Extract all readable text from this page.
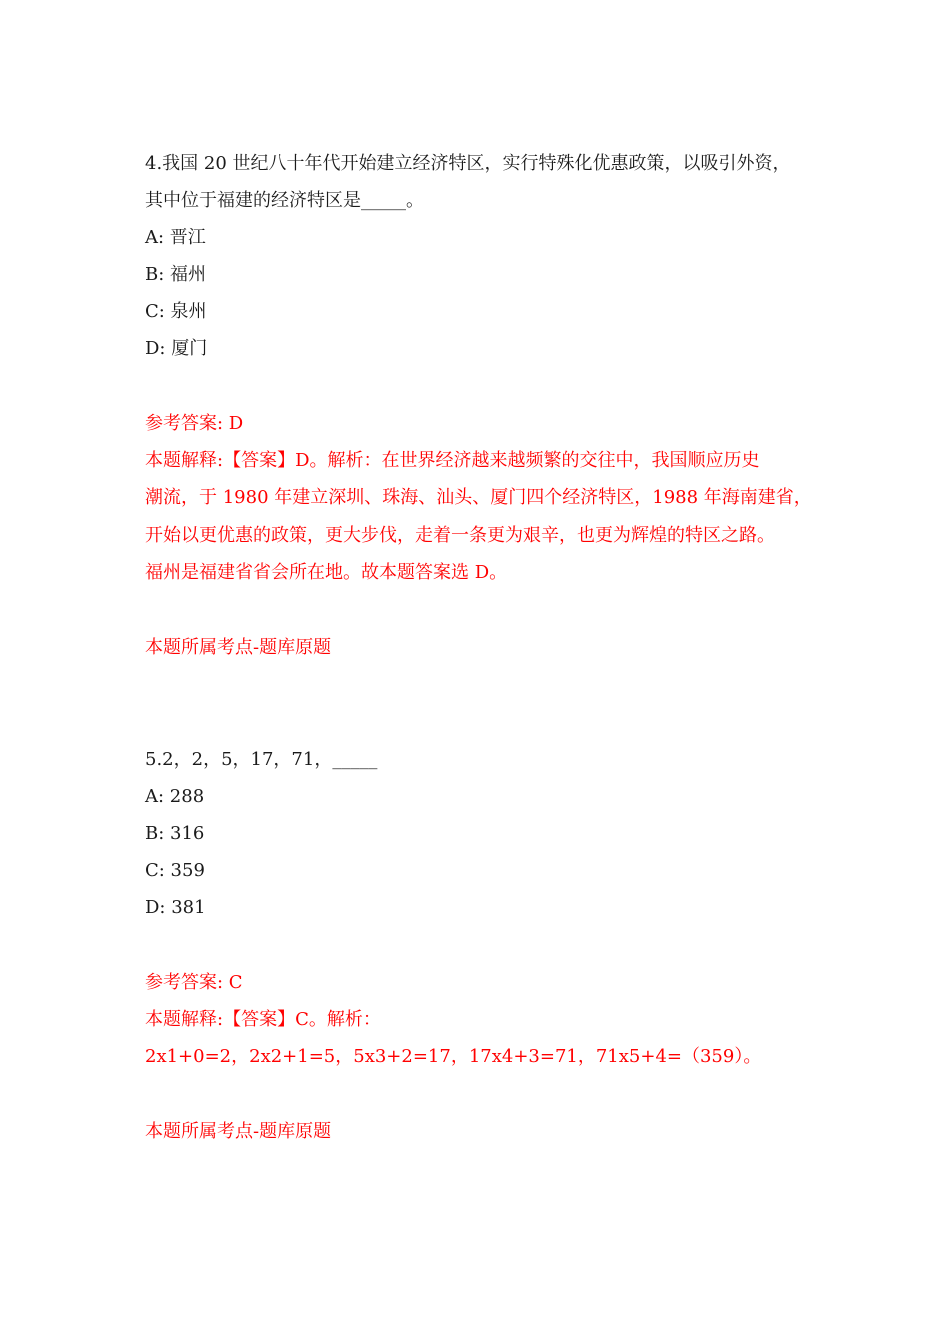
4.我国 20 世纪八十年代开始建立经济特区，实行特殊化优惠政策，以吸引外资，
其中位于福建的经济特区是_____。
A: 晋江
B: 福州
C: 泉州
D: 厦门
参考答案: D
本题解释:【答案】D。解析：在世界经济越来越频繁的交往中，我国顺应历史
潮流，于 1980 年建立深圳、珠海、汕头、厦门四个经济特区，1988 年海南建省，
开始以更优惠的政策，更大步伐，走着一条更为艰辛，也更为辉煌的特区之路。
福州是福建省省会所在地。故本题答案选 D。
本题所属考点-题库原题
5.2，2，5，17，71，_____
A: 288
B: 316
C: 359
D: 381
参考答案: C
本题解释:【答案】C。解析：
2x1+0=2，2x2+1=5，5x3+2=17，17x4+3=71，71x5+4=（359）。
本题所属考点-题库原题
